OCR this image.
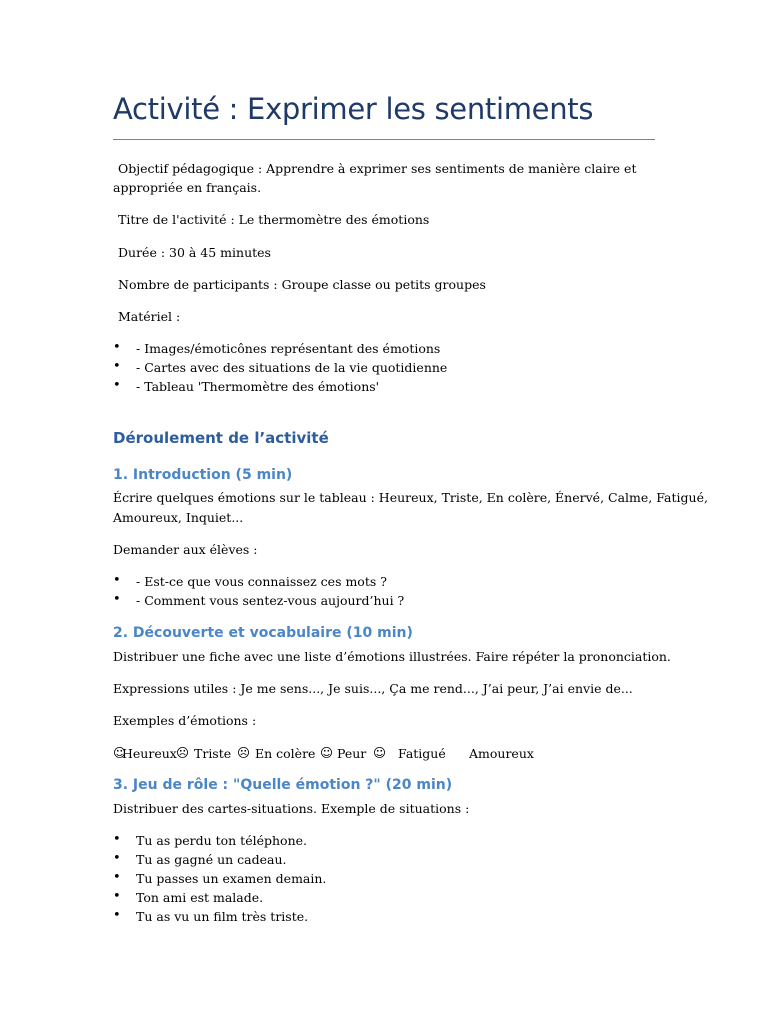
Activité : Exprimer les sentiments
Objectif pédagogique : Apprendre à exprimer ses sentiments de manière claire et
appropriée en français.
Titre de l'activité : Le thermomètre des émotions
Durée : 30 à 45 minutes
Nombre de participants : Groupe classe ou petits groupes
Matériel :
• - Images/émoticônes représentant des émotions
• - Cartes avec des situations de la vie quotidienne
• - Tableau 'Thermomètre des émotions'
Déroulement de l’activité
1. Introduction (5 min)
Écrire quelques émotions sur le tableau : Heureux, Triste, En colère, Énervé, Calme, Fatigué,
Amoureux, Inquiet...
Demander aux élèves :
• - Est-ce que vous connaissez ces mots ?
• - Comment vous sentez-vous aujourd’hui ?
2. Découverte et vocabulaire (10 min)
Distribuer une fiche avec une liste d’émotions illustrées. Faire répéter la prononciation.
Expressions utiles : Je me sens..., Je suis..., Ça me rend..., J’ai peur, J’ai envie de...
Exemples d’émotions :
☺
Heureux ☹ Triste ☹ En colère ☺ Peur ☺ Fatigué Amoureux
3. Jeu de rôle : "Quelle émotion ?" (20 min)
Distribuer des cartes-situations. Exemple de situations :
• Tu as perdu ton téléphone.
• Tu as gagné un cadeau.
• Tu passes un examen demain.
• Ton ami est malade.
• Tu as vu un film très triste.
